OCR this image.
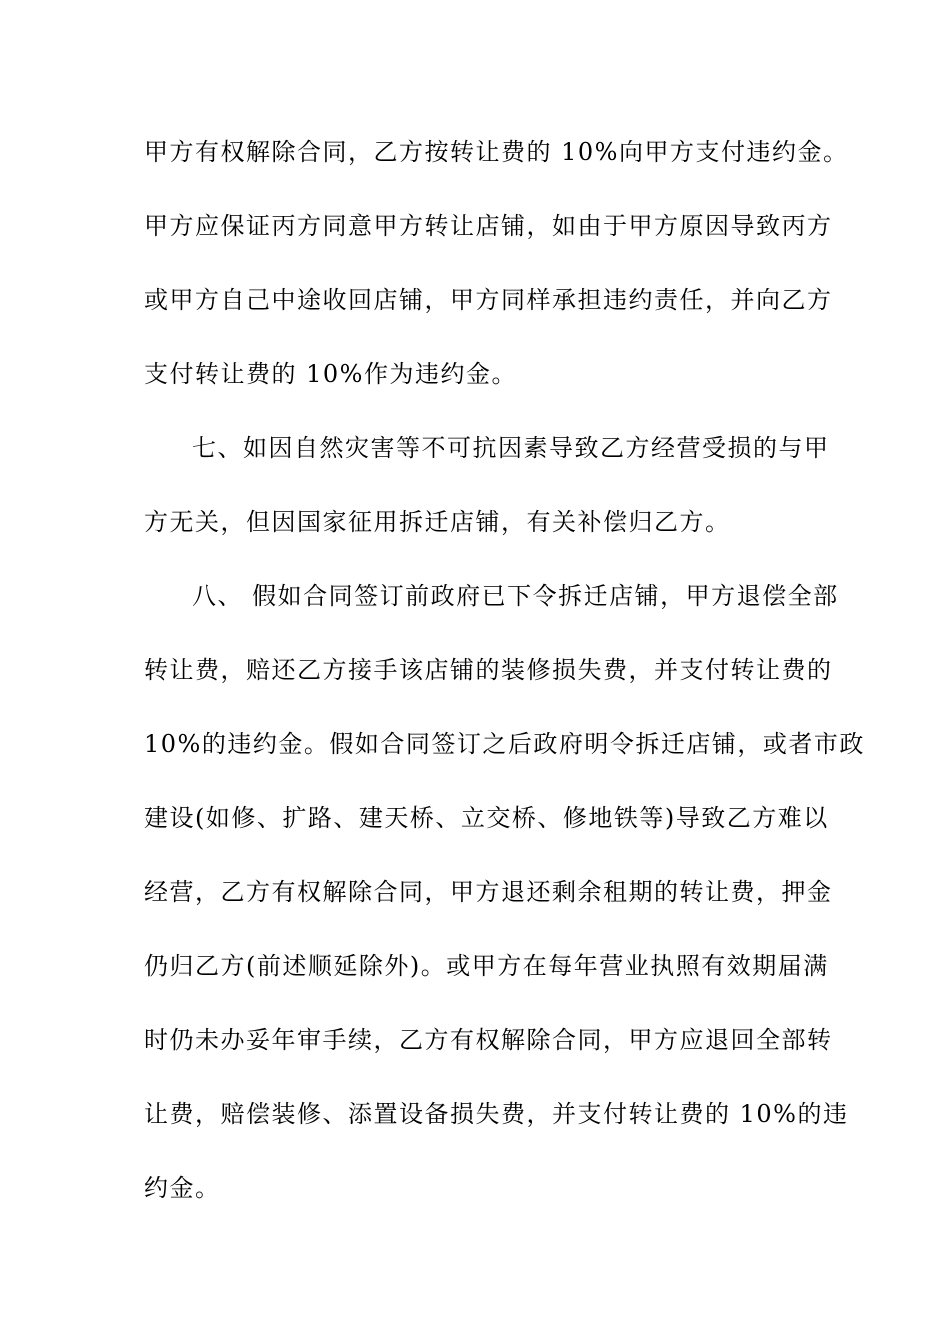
甲方有权解除合同，乙方按转让费的 10%向甲方支付违约金。
甲方应保证丙方同意甲方转让店铺，如由于甲方原因导致丙方
或甲方自己中途收回店铺，甲方同样承担违约责任，并向乙方
支付转让费的 10%作为违约金。
七、如因自然灾害等不可抗因素导致乙方经营受损的与甲
方无关，但因国家征用拆迁店铺，有关补偿归乙方。
八、 假如合同签订前政府已下令拆迁店铺，甲方退偿全部
转让费，赔还乙方接手该店铺的装修损失费，并支付转让费的
10%的违约金。假如合同签订之后政府明令拆迁店铺，或者市政
建设(如修、扩路、建天桥、立交桥、修地铁等)导致乙方难以
经营，乙方有权解除合同，甲方退还剩余租期的转让费，押金
仍归乙方(前述顺延除外)。或甲方在每年营业执照有效期届满
时仍未办妥年审手续，乙方有权解除合同，甲方应退回全部转
让费，赔偿装修、添置设备损失费，并支付转让费的 10%的违
约金。
